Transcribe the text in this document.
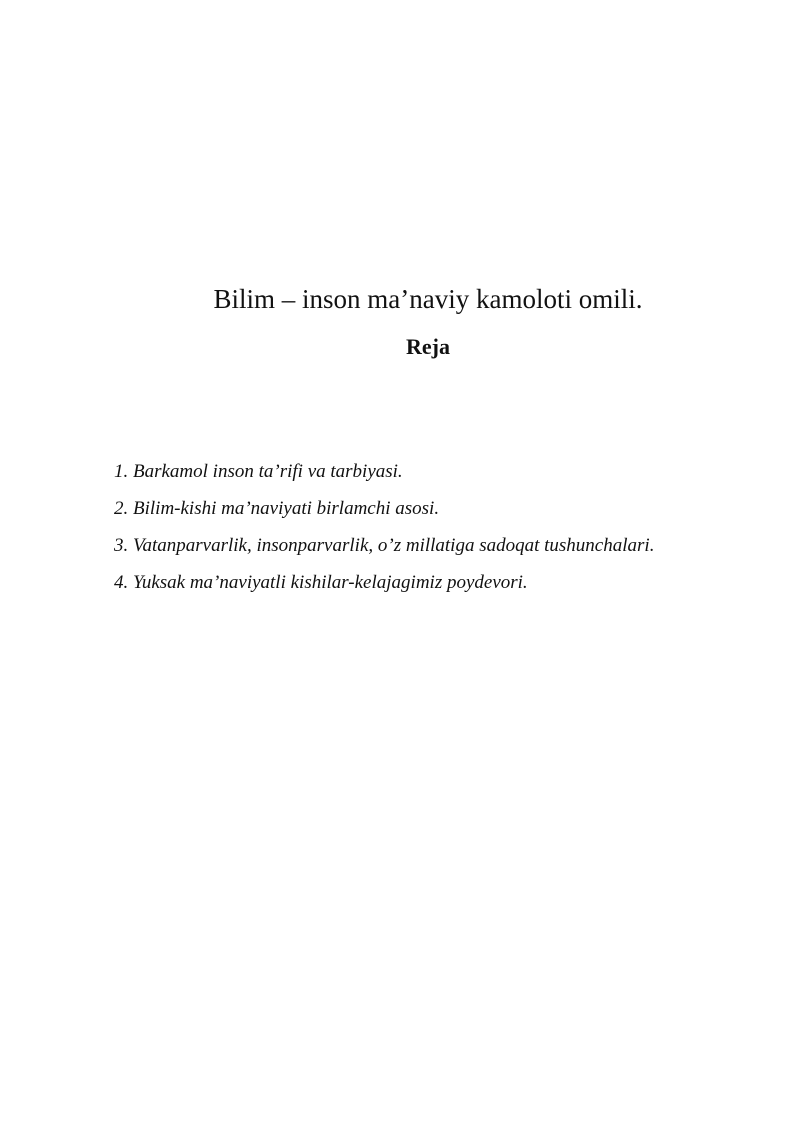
Bilim – inson ma’naviy kamoloti omili.
Reja
1. Barkamol inson ta’rifi va tarbiyasi.
2. Bilim-kishi ma’naviyati birlamchi asosi.
3. Vatanparvarlik, insonparvarlik, o’z millatiga sadoqat tushunchalari.
4. Yuksak ma’naviyatli kishilar-kelajagimiz poydevori.
